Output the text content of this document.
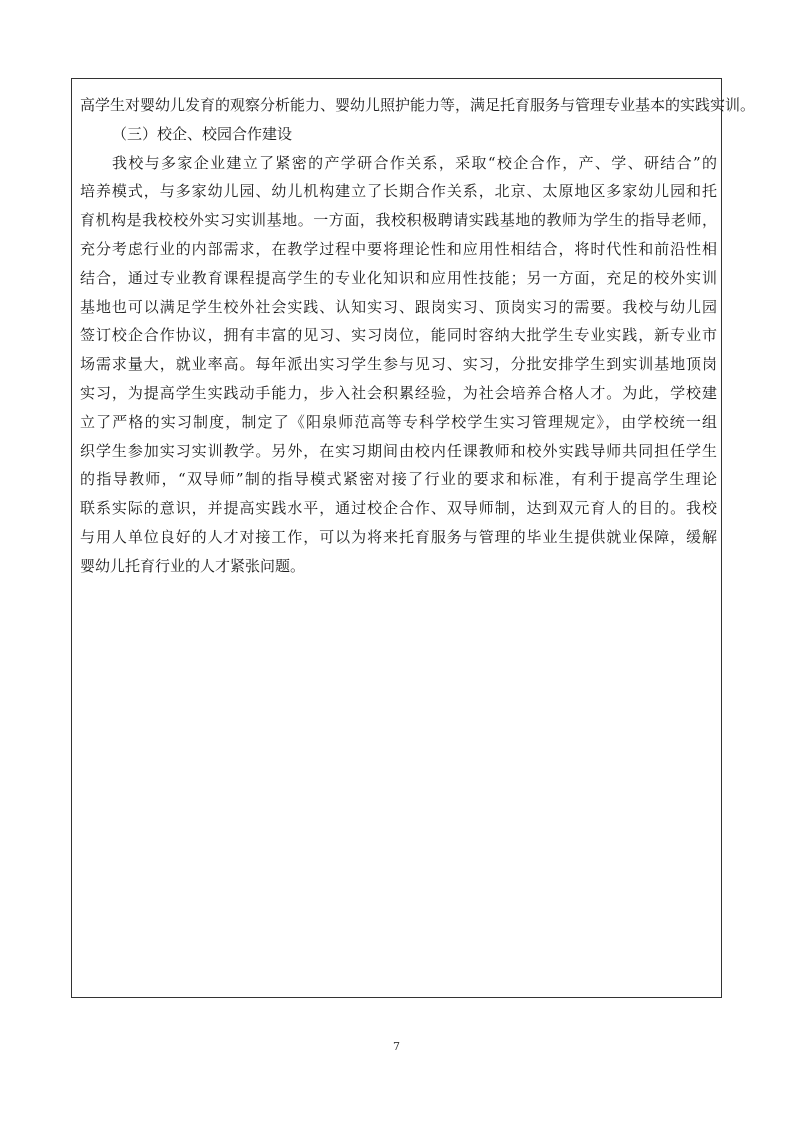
高学生对婴幼儿发育的观察分析能力、婴幼儿照护能力等，满足托育服务与管理专业基本的实践实训。
（三）校企、校园合作建设
我校与多家企业建立了紧密的产学研合作关系，采取“校企合作，产、学、研结合”的
培养模式，与多家幼儿园、幼儿机构建立了长期合作关系，北京、太原地区多家幼儿园和托
育机构是我校校外实习实训基地。一方面，我校积极聘请实践基地的教师为学生的指导老师，
充分考虑行业的内部需求，在教学过程中要将理论性和应用性相结合，将时代性和前沿性相
结合，通过专业教育课程提高学生的专业化知识和应用性技能；另一方面，充足的校外实训
基地也可以满足学生校外社会实践、认知实习、跟岗实习、顶岗实习的需要。我校与幼儿园
签订校企合作协议，拥有丰富的见习、实习岗位，能同时容纳大批学生专业实践，新专业市
场需求量大，就业率高。每年派出实习学生参与见习、实习，分批安排学生到实训基地顶岗
实习，为提高学生实践动手能力，步入社会积累经验，为社会培养合格人才。为此，学校建
立了严格的实习制度，制定了《阳泉师范高等专科学校学生实习管理规定》，由学校统一组
织学生参加实习实训教学。另外，在实习期间由校内任课教师和校外实践导师共同担任学生
的指导教师，“双导师”制的指导模式紧密对接了行业的要求和标准，有利于提高学生理论
联系实际的意识，并提高实践水平，通过校企合作、双导师制，达到双元育人的目的。我校
与用人单位良好的人才对接工作，可以为将来托育服务与管理的毕业生提供就业保障，缓解
婴幼儿托育行业的人才紧张问题。
7
